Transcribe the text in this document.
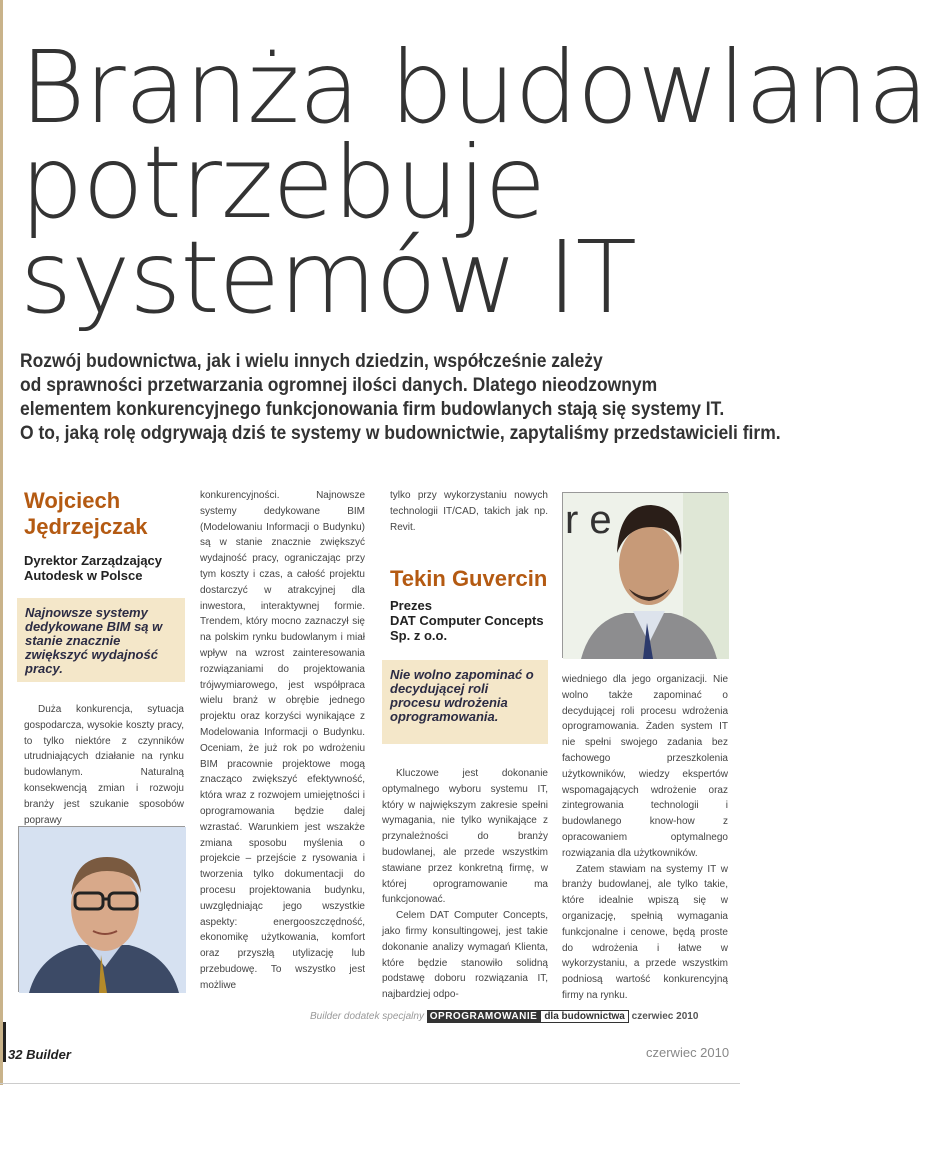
Branża budowlana
potrzebuje
systemów IT
Rozwój budownictwa, jak i wielu innych dziedzin, współcześnie zależy
od sprawności przetwarzania ogromnej ilości danych. Dlatego nieodzownym
elementem konkurencyjnego funkcjonowania firm budowlanych stają się systemy IT.
O to, jaką rolę odgrywają dziś te systemy w budownictwie, zapytaliśmy przedstawicieli firm.
Wojciech
Jędrzejczak
Dyrektor Zarządzający
Autodesk w Polsce
Najnowsze systemy dedykowane BIM są w stanie znacznie zwiększyć wydajność pracy.

Duża konkurencja, sytuacja gospodarcza, wysokie koszty pracy, to tylko niektóre z czynników utrudniających działanie na rynku budowlanym. Naturalną konsekwencją zmian i rozwoju branży jest szukanie sposobów poprawy

konkurencyjności. Najnowsze systemy dedykowane BIM (Modelowaniu Informacji o Budynku) są w stanie znacznie zwiększyć wydajność pracy, ograniczając przy tym koszty i czas, a całość projektu dostarczyć w atrakcyjnej dla inwestora, interaktywnej formie. Trendem, który mocno zaznaczył się na polskim rynku budowlanym i miał wpływ na wzrost zainteresowania rozwiązaniami do projektowania trójwymiarowego, jest współpraca wielu branż w obrębie jednego projektu oraz korzyści wynikające z Modelowania Informacji o Budynku. Oceniam, że już rok po wdrożeniu BIM pracownie projektowe mogą znacząco zwiększyć efektywność, która wraz z rozwojem umiejętności i oprogramowania będzie dalej wzrastać. Warunkiem jest wszakże zmiana sposobu myślenia o projekcie – przejście z rysowania i tworzenia tylko dokumentacji do procesu projektowania budynku, uwzględniając jego wszystkie aspekty: energooszczędność, ekonomikę użytkowania, komfort oraz przyszłą utylizację lub przebudowę. To wszystko jest możliwe

tylko przy wykorzystaniu nowych technologii IT/CAD, takich jak np. Revit.

Tekin Guvercin
Prezes
DAT Computer Concepts
Sp. z o.o.
Nie wolno zapominać o decydującej roli procesu wdrożenia oprogramowania.

Kluczowe jest dokonanie optymalnego wyboru systemu IT, który w największym zakresie spełni wymagania, nie tylko wynikające z przynależności do branży budowlanej, ale przede wszystkim stawiane przez konkretną firmę, w której oprogramowanie ma funkcjonować.

Celem DAT Computer Concepts, jako firmy konsultingowej, jest takie dokonanie analizy wymagań Klienta, które będzie stanowiło solidną podstawę doboru rozwiązania IT, najbardziej odpo-

r e

wiedniego dla jego organizacji. Nie wolno także zapominać o decydującej roli procesu wdrożenia oprogramowania. Żaden system IT nie spełni swojego zadania bez fachowego przeszkolenia użytkowników, wiedzy ekspertów wspomagających wdrożenie oraz zintegrowania technologii i budowlanego know-how z opracowaniem optymalnego rozwiązania dla użytkowników.

Zatem stawiam na systemy IT w branży budowlanej, ale tylko takie, które idealnie wpiszą się w organizację, spełnią wymagania funkcjonalne i cenowe, będą proste do wdrożenia i łatwe w wykorzystaniu, a przede wszystkim podniosą wartość konkurencyjną firmy na rynku.

Builder dodatek specjalny OPROGRAMOWANIE dla budownictwa czerwiec 2010
32 Builder	czerwiec 2010
